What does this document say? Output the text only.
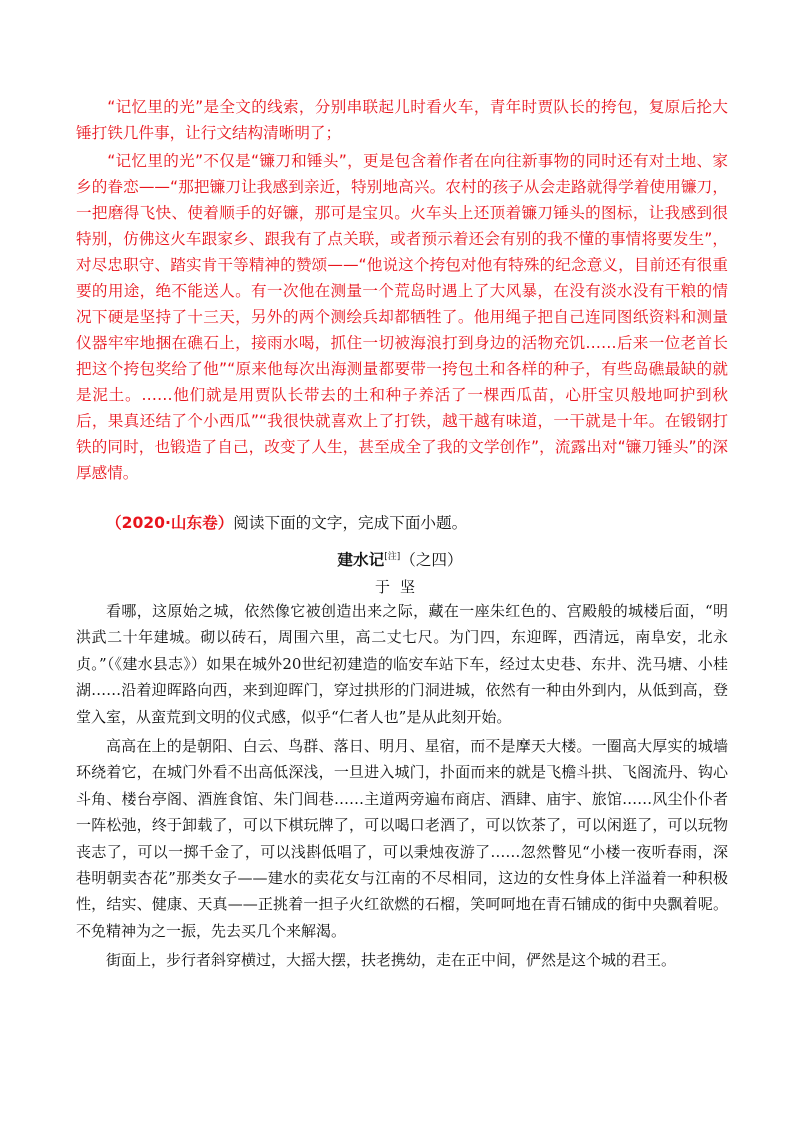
“记忆里的光”是全文的线索，分别串联起儿时看火车，青年时贾队长的挎包，复原后抡大锤打铁几件事，让行文结构清晰明了；

“记忆里的光”不仅是“镰刀和锤头”，更是包含着作者在向往新事物的同时还有对土地、家乡的眷恋——“那把镰刀让我感到亲近，特别地高兴。农村的孩子从会走路就得学着使用镰刀，一把磨得飞快、使着顺手的好镰，那可是宝贝。火车头上还顶着镰刀锤头的图标，让我感到很特别，仿佛这火车跟家乡、跟我有了点关联，或者预示着还会有别的我不懂的事情将要发生”，对尽忠职守、踏实肯干等精神的赞颂——“他说这个挎包对他有特殊的纪念意义，目前还有很重要的用途，绝不能送人。有一次他在测量一个荒岛时遇上了大风暴，在没有淡水没有干粮的情况下硬是坚持了十三天，另外的两个测绘兵却都牺牲了。他用绳子把自己连同图纸资料和测量仪器牢牢地捆在礁石上，接雨水喝，抓住一切被海浪打到身边的活物充饥……后来一位老首长把这个挎包奖给了他”“原来他每次出海测量都要带一挎包土和各样的种子，有些岛礁最缺的就是泥土。……他们就是用贾队长带去的土和种子养活了一棵西瓜苗，心肝宝贝般地呵护到秋后，果真还结了个小西瓜”“我很快就喜欢上了打铁，越干越有味道，一干就是十年。在锻钢打铁的同时，也锻造了自己，改变了人生，甚至成全了我的文学创作”，流露出对“镰刀锤头”的深厚感情。

（2020·山东卷）阅读下面的文字，完成下面小题。
建水记[注]（之四）
于坚

看哪，这原始之城，依然像它被创造出来之际，藏在一座朱红色的、宫殿般的城楼后面，“明洪武二十年建城。砌以砖石，周围六里，高二丈七尺。为门四，东迎晖，西清远，南阜安，北永贞。”（《建水县志》）如果在城外20世纪初建造的临安车站下车，经过太史巷、东井、洗马塘、小桂湖……沿着迎晖路向西，来到迎晖门，穿过拱形的门洞进城，依然有一种由外到内，从低到高，登堂入室，从蛮荒到文明的仪式感，似乎“仁者人也”是从此刻开始。

高高在上的是朝阳、白云、鸟群、落日、明月、星宿，而不是摩天大楼。一圈高大厚实的城墙环绕着它，在城门外看不出高低深浅，一旦进入城门，扑面而来的就是飞檐斗拱、飞阁流丹、钩心斗角、楼台亭阁、酒旌食馆、朱门闾巷……主道两旁遍布商店、酒肆、庙宇、旅馆……风尘仆仆者一阵松弛，终于卸载了，可以下棋玩牌了，可以喝口老酒了，可以饮茶了，可以闲逛了，可以玩物丧志了，可以一掷千金了，可以浅斟低唱了，可以秉烛夜游了……忽然瞥见“小楼一夜听春雨，深巷明朝卖杏花”那类女子——建水的卖花女与江南的不尽相同，这边的女性身体上洋溢着一种积极性，结实、健康、天真——正挑着一担子火红欲燃的石榴，笑呵呵地在青石铺成的街中央飘着呢。不免精神为之一振，先去买几个来解渴。

街面上，步行者斜穿横过，大摇大摆，扶老携幼，走在正中间，俨然是这个城的君王。
